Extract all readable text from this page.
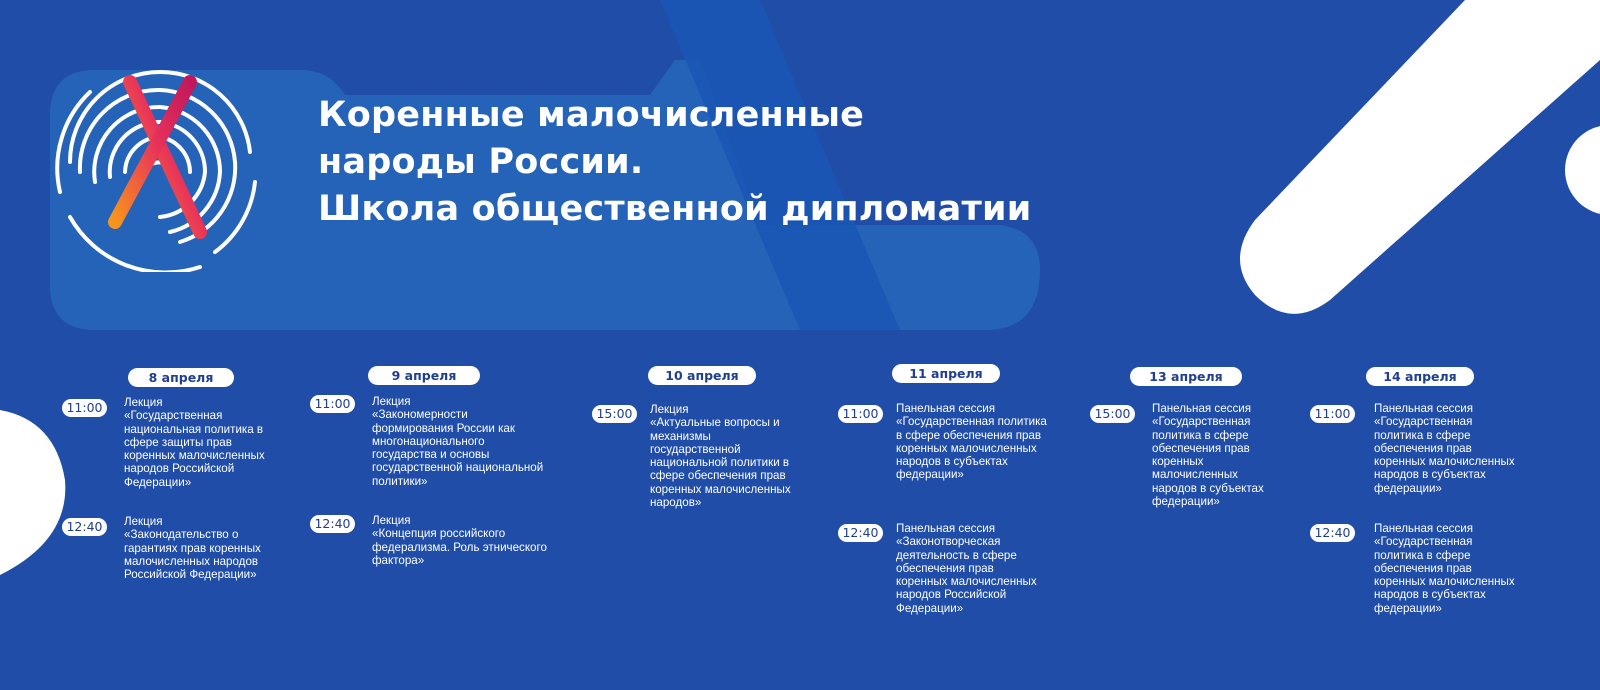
Коренные малочисленные
народы России.
Школа общественной дипломатии
8 апреля
11:00	Лекция
«Государственная
национальная политика в
сфере защиты прав
коренных малочисленных
народов Российской
Федерации»
12:40	Лекция
«Законодательство о
гарантиях прав коренных
малочисленных народов
Российской Федерации»
9 апреля
11:00	Лекция
«Закономерности
формирования России как
многонационального
государства и основы
государственной национальной
политики»
12:40	Лекция
«Концепция российского
федерализма. Роль этнического
фактора»
10 апреля
15:00	Лекция
«Актуальные вопросы и
механизмы
государственной
национальной политики в
сфере обеспечения прав
коренных малочисленных
народов»
11 апреля
11:00	Панельная сессия
«Государственная политика
в сфере обеспечения прав
коренных малочисленных
народов в субъектах
федерации»
12:40	Панельная сессия
«Законотворческая
деятельность в сфере
обеспечения прав
коренных малочисленных
народов Российской
Федерации»
13 апреля
15:00	Панельная сессия
«Государственная
политика в сфере
обеспечения прав
коренных
малочисленных
народов в субъектах
федерации»
14 апреля
11:00	Панельная сессия
«Государственная
политика в сфере
обеспечения прав
коренных малочисленных
народов в субъектах
федерации»
12:40	Панельная сессия
«Государственная
политика в сфере
обеспечения прав
коренных малочисленных
народов в субъектах
федерации»
